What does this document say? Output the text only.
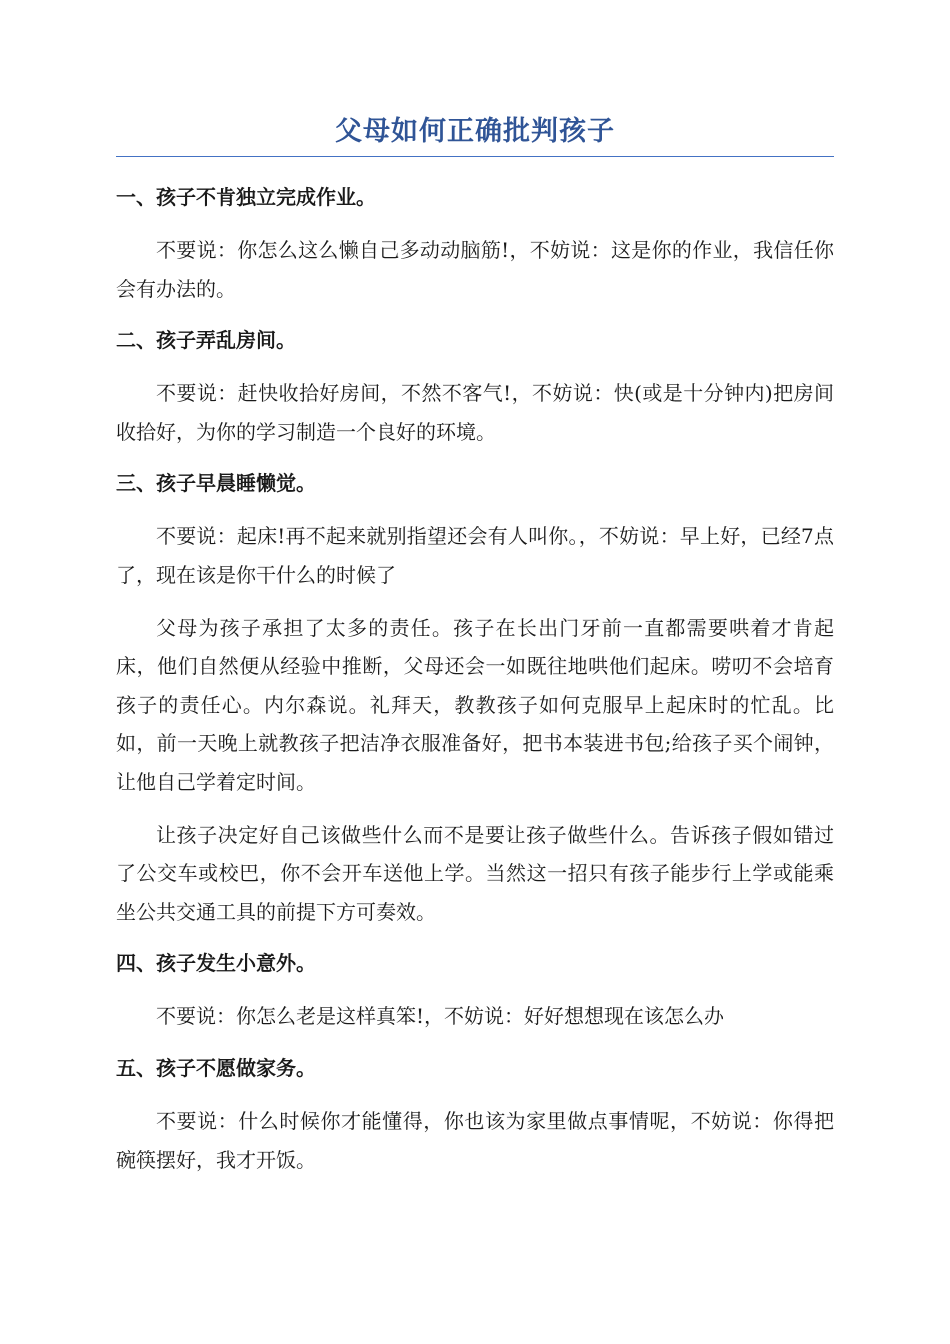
父母如何正确批判孩子
一、孩子不肯独立完成作业。

不要说：你怎么这么懒自己多动动脑筋!，不妨说：这是你的作业，我信任你会有办法的。

二、孩子弄乱房间。

不要说：赶快收拾好房间，不然不客气!，不妨说：快(或是十分钟内)把房间收拾好，为你的学习制造一个良好的环境。

三、孩子早晨睡懒觉。

不要说：起床!再不起来就别指望还会有人叫你。，不妨说：早上好，已经7点了，现在该是你干什么的时候了

父母为孩子承担了太多的责任。孩子在长出门牙前一直都需要哄着才肯起床，他们自然便从经验中推断，父母还会一如既往地哄他们起床。唠叨不会培育孩子的责任心。内尔森说。礼拜天，教教孩子如何克服早上起床时的忙乱。比如，前一天晚上就教孩子把洁净衣服准备好，把书本装进书包;给孩子买个闹钟，让他自己学着定时间。

让孩子决定好自己该做些什么而不是要让孩子做些什么。告诉孩子假如错过了公交车或校巴，你不会开车送他上学。当然这一招只有孩子能步行上学或能乘坐公共交通工具的前提下方可奏效。

四、孩子发生小意外。

不要说：你怎么老是这样真笨!，不妨说：好好想想现在该怎么办

五、孩子不愿做家务。

不要说：什么时候你才能懂得，你也该为家里做点事情呢，不妨说：你得把碗筷摆好，我才开饭。
